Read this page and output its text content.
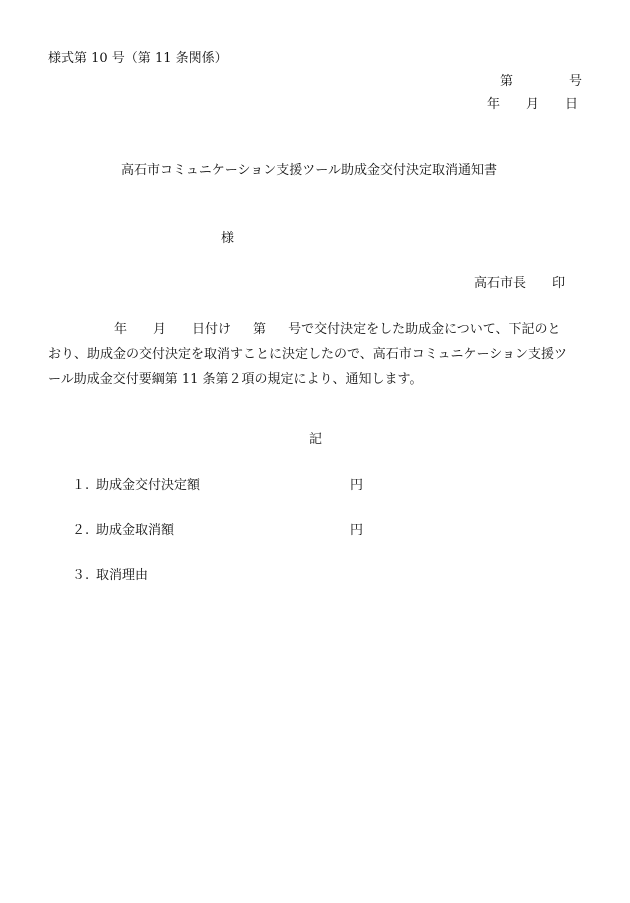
様式第 10 号（第 11 条関係）
第	号
年 月 日
高石市コミュニケーション支援ツール助成金交付決定取消通知書
様
高石市長 印
年 月 日付け 第 号で交付決定をした助成金について、下記のと
おり、助成金の交付決定を取消すことに決定したので、高石市コミュニケーション支援ツ
ール助成金交付要綱第 11 条第２項の規定により、通知します。
記
１. 助成金交付決定額	円
２. 助成金取消額	円
３. 取消理由
